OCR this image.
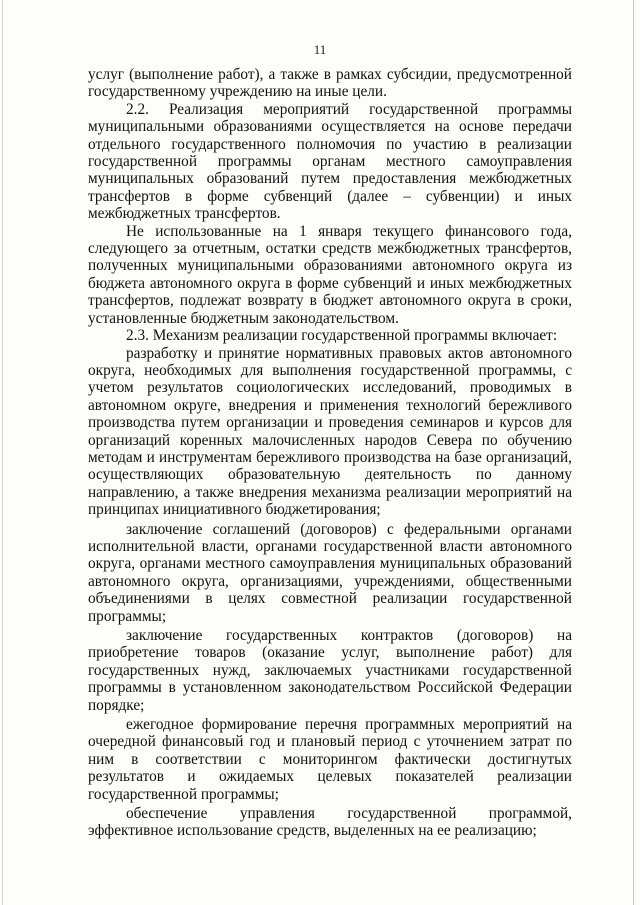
11

услуг (выполнение работ), а также в рамках субсидии, предусмотренной государственному учреждению на иные цели.

2.2. Реализация мероприятий государственной программы муниципальными образованиями осуществляется на основе передачи отдельного государственного полномочия по участию в реализации государственной программы органам местного самоуправления муниципальных образований путем предоставления межбюджетных трансфертов в форме субвенций (далее – субвенции) и иных межбюджетных трансфертов.

Не использованные на 1 января текущего финансового года, следующего за отчетным, остатки средств межбюджетных трансфертов, полученных муниципальными образованиями автономного округа из бюджета автономного округа в форме субвенций и иных межбюджетных трансфертов, подлежат возврату в бюджет автономного округа в сроки, установленные бюджетным законодательством.

2.3. Механизм реализации государственной программы включает:

разработку и принятие нормативных правовых актов автономного округа, необходимых для выполнения государственной программы, с учетом результатов социологических исследований, проводимых в автономном округе, внедрения и применения технологий бережливого производства путем организации и проведения семинаров и курсов для организаций коренных малочисленных народов Севера по обучению методам и инструментам бережливого производства на базе организаций, осуществляющих образовательную деятельность по данному направлению, а также внедрения механизма реализации мероприятий на принципах инициативного бюджетирования;

заключение соглашений (договоров) с федеральными органами исполнительной власти, органами государственной власти автономного округа, органами местного самоуправления муниципальных образований автономного округа, организациями, учреждениями, общественными объединениями в целях совместной реализации государственной программы;

заключение государственных контрактов (договоров) на приобретение товаров (оказание услуг, выполнение работ) для государственных нужд, заключаемых участниками государственной программы в установленном законодательством Российской Федерации порядке;

ежегодное формирование перечня программных мероприятий на очередной финансовый год и плановый период с уточнением затрат по ним в соответствии с мониторингом фактически достигнутых результатов и ожидаемых целевых показателей реализации государственной программы;

обеспечение управления государственной программой, эффективное использование средств, выделенных на ее реализацию;
